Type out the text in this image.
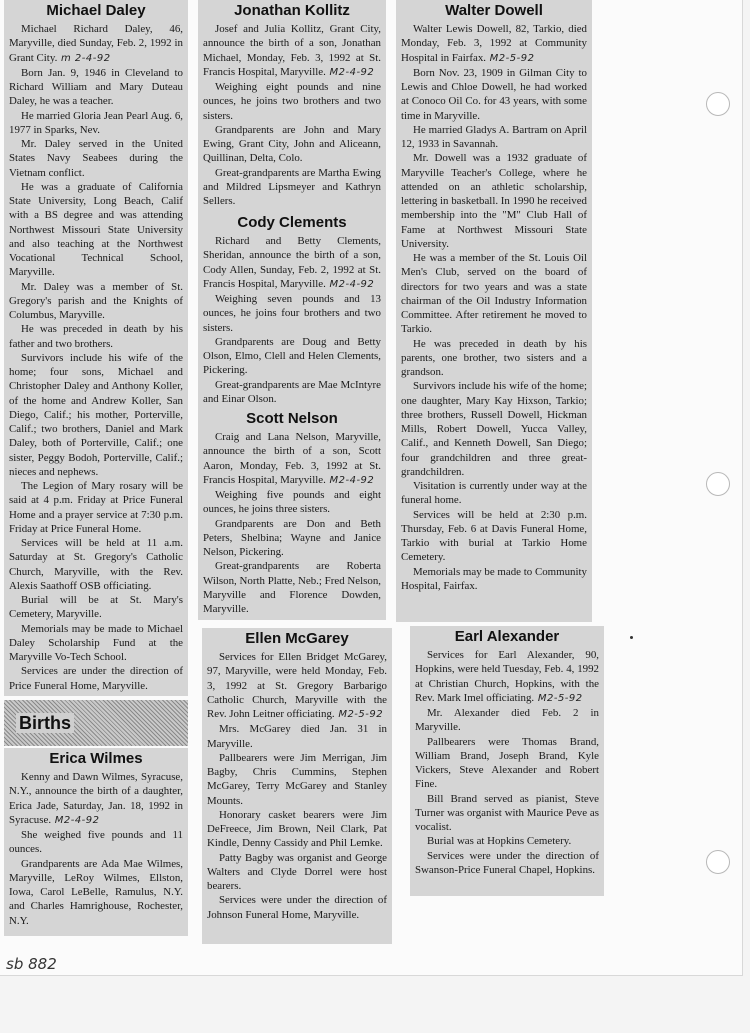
Michael Daley

Michael Richard Daley, 46, Maryville, died Sunday, Feb. 2, 1992 in Grant City. m 2-4-92

Born Jan. 9, 1946 in Cleveland to Richard William and Mary Duteau Daley, he was a teacher.

He married Gloria Jean Pearl Aug. 6, 1977 in Sparks, Nev.

Mr. Daley served in the United States Navy Seabees during the Vietnam conflict.

He was a graduate of California State University, Long Beach, Calif with a BS degree and was attending Northwest Missouri State University and also teaching at the Northwest Vocational Technical School, Maryville.

Mr. Daley was a member of St. Gregory's parish and the Knights of Columbus, Maryville.

He was preceded in death by his father and two brothers.

Survivors include his wife of the home; four sons, Michael and Christopher Daley and Anthony Koller, of the home and Andrew Koller, San Diego, Calif.; his mother, Porterville, Calif.; two brothers, Daniel and Mark Daley, both of Porterville, Calif.; one sister, Peggy Bodoh, Porterville, Calif.; nieces and nephews.

The Legion of Mary rosary will be said at 4 p.m. Friday at Price Funeral Home and a prayer service at 7:30 p.m. Friday at Price Funeral Home.

Services will be held at 11 a.m. Saturday at St. Gregory's Catholic Church, Maryville, with the Rev. Alexis Saathoff OSB officiating.

Burial will be at St. Mary's Cemetery, Maryville.

Memorials may be made to Michael Daley Scholarship Fund at the Maryville Vo-Tech School.

Services are under the direction of Price Funeral Home, Maryville.

Births
Erica Wilmes

Kenny and Dawn Wilmes, Syracuse, N.Y., announce the birth of a daughter, Erica Jade, Saturday, Jan. 18, 1992 in Syracuse. M2-4-92

She weighed five pounds and 11 ounces.

Grandparents are Ada Mae Wilmes, Maryville, LeRoy Wilmes, Ellston, Iowa, Carol LeBelle, Ramulus, N.Y. and Charles Hamrighouse, Rochester, N.Y.

Jonathan Kollitz

Josef and Julia Kollitz, Grant City, announce the birth of a son, Jonathan Michael, Monday, Feb. 3, 1992 at St. Francis Hospital, Maryville. M2-4-92

Weighing eight pounds and nine ounces, he joins two brothers and two sisters.

Grandparents are John and Mary Ewing, Grant City, John and Aliceann, Quillinan, Delta, Colo.

Great-grandparents are Martha Ewing and Mildred Lipsmeyer and Kathryn Sellers.

Cody Clements

Richard and Betty Clements, Sheridan, announce the birth of a son, Cody Allen, Sunday, Feb. 2, 1992 at St. Francis Hospital, Maryville. M2-4-92

Weighing seven pounds and 13 ounces, he joins four brothers and two sisters.

Grandparents are Doug and Betty Olson, Elmo, Clell and Helen Clements, Pickering.

Great-grandparents are Mae McIntyre and Einar Olson.

Scott Nelson

Craig and Lana Nelson, Maryville, announce the birth of a son, Scott Aaron, Monday, Feb. 3, 1992 at St. Francis Hospital, Maryville. M2-4-92

Weighing five pounds and eight ounces, he joins three sisters.

Grandparents are Don and Beth Peters, Shelbina; Wayne and Janice Nelson, Pickering.

Great-grandparents are Roberta Wilson, North Platte, Neb.; Fred Nelson, Maryville and Florence Dowden, Maryville.

Ellen McGarey

Services for Ellen Bridget McGarey, 97, Maryville, were held Monday, Feb. 3, 1992 at St. Gregory Barbarigo Catholic Church, Maryville with the Rev. John Leitner officiating. M2-5-92

Mrs. McGarey died Jan. 31 in Maryville.

Pallbearers were Jim Merrigan, Jim Bagby, Chris Cummins, Stephen McGarey, Terry McGarey and Stanley Mounts.

Honorary casket bearers were Jim DeFreece, Jim Brown, Neil Clark, Pat Kindle, Denny Cassidy and Phil Lemke.

Patty Bagby was organist and George Walters and Clyde Dorrel were host bearers.

Services were under the direction of Johnson Funeral Home, Maryville.

Walter Dowell

Walter Lewis Dowell, 82, Tarkio, died Monday, Feb. 3, 1992 at Community Hospital in Fairfax. M2-5-92

Born Nov. 23, 1909 in Gilman City to Lewis and Chloe Dowell, he had worked at Conoco Oil Co. for 43 years, with some time in Maryville.

He married Gladys A. Bartram on April 12, 1933 in Savannah.

Mr. Dowell was a 1932 graduate of Maryville Teacher's College, where he attended on an athletic scholarship, lettering in basketball. In 1990 he received membership into the "M" Club Hall of Fame at Northwest Missouri State University.

He was a member of the St. Louis Oil Men's Club, served on the board of directors for two years and was a state chairman of the Oil Industry Information Committee. After retirement he moved to Tarkio.

He was preceded in death by his parents, one brother, two sisters and a grandson.

Survivors include his wife of the home; one daughter, Mary Kay Hixson, Tarkio; three brothers, Russell Dowell, Hickman Mills, Robert Dowell, Yucca Valley, Calif., and Kenneth Dowell, San Diego; four grandchildren and three great-grandchildren.

Visitation is currently under way at the funeral home.

Services will be held at 2:30 p.m. Thursday, Feb. 6 at Davis Funeral Home, Tarkio with burial at Tarkio Home Cemetery.

Memorials may be made to Community Hospital, Fairfax.

Earl Alexander

Services for Earl Alexander, 90, Hopkins, were held Tuesday, Feb. 4, 1992 at Christian Church, Hopkins, with the Rev. Mark Imel officiating. M2-5-92

Mr. Alexander died Feb. 2 in Maryville.

Pallbearers were Thomas Brand, William Brand, Joseph Brand, Kyle Vickers, Steve Alexander and Robert Fine.

Bill Brand served as pianist, Steve Turner was organist with Maurice Peve as vocalist.

Burial was at Hopkins Cemetery.

Services were under the direction of Swanson-Price Funeral Chapel, Hopkins.

sb 882
